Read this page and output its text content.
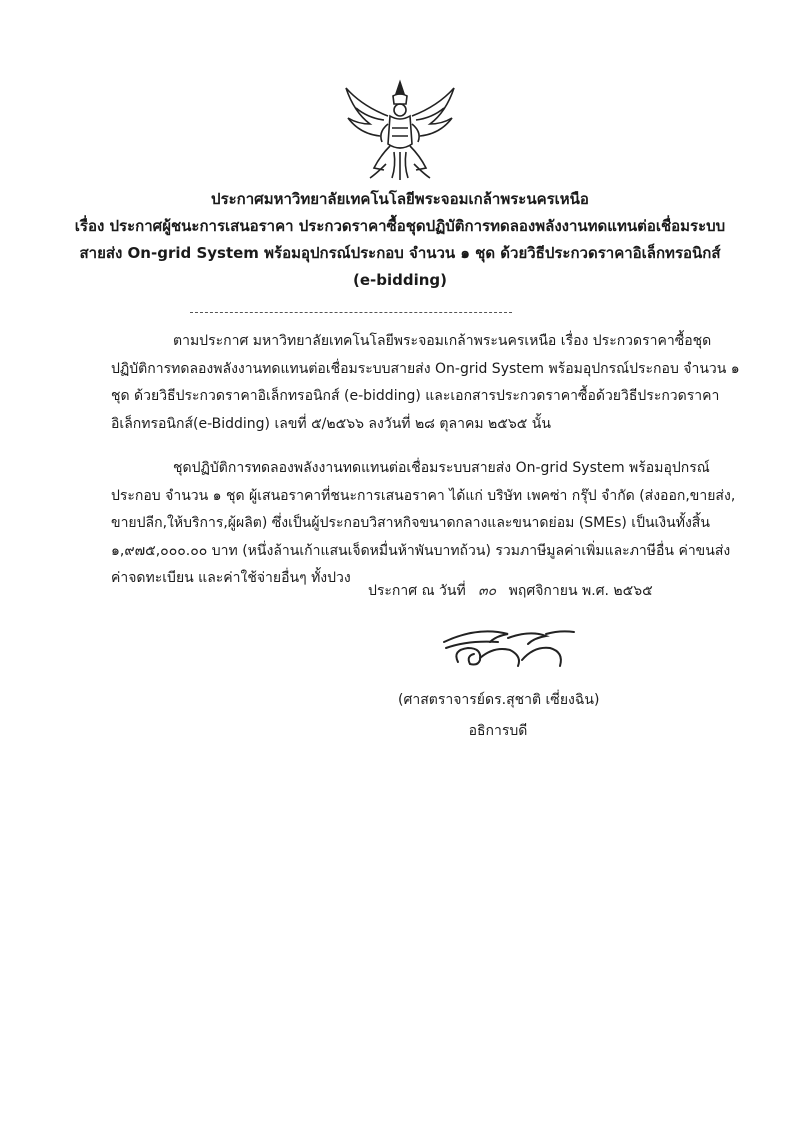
ประกาศมหาวิทยาลัยเทคโนโลยีพระจอมเกล้าพระนครเหนือ
เรื่อง ประกาศผู้ชนะการเสนอราคา ประกวดราคาซื้อชุดปฏิบัติการทดลองพลังงานทดแทนต่อเชื่อมระบบ
สายส่ง On-grid System พร้อมอุปกรณ์ประกอบ จำนวน ๑ ชุด ด้วยวิธีประกวดราคาอิเล็กทรอนิกส์
(e-bidding)
ตามประกาศ มหาวิทยาลัยเทคโนโลยีพระจอมเกล้าพระนครเหนือ เรื่อง ประกวดราคาซื้อชุด
ปฏิบัติการทดลองพลังงานทดแทนต่อเชื่อมระบบสายส่ง On-grid System พร้อมอุปกรณ์ประกอบ จำนวน ๑
ชุด ด้วยวิธีประกวดราคาอิเล็กทรอนิกส์ (e-bidding) และเอกสารประกวดราคาซื้อด้วยวิธีประกวดราคา
อิเล็กทรอนิกส์(e-Bidding) เลขที่ ๕/๒๕๖๖ ลงวันที่ ๒๘ ตุลาคม ๒๕๖๕ นั้น
ชุดปฏิบัติการทดลองพลังงานทดแทนต่อเชื่อมระบบสายส่ง On-grid System พร้อมอุปกรณ์
ประกอบ จำนวน ๑ ชุด ผู้เสนอราคาที่ชนะการเสนอราคา ได้แก่ บริษัท เพคซ่า กรุ๊ป จำกัด (ส่งออก,ขายส่ง,
ขายปลีก,ให้บริการ,ผู้ผลิต) ซึ่งเป็นผู้ประกอบวิสาหกิจขนาดกลางและขนาดย่อม (SMEs) เป็นเงินทั้งสิ้น
๑,๙๗๕,๐๐๐.๐๐ บาท (หนึ่งล้านเก้าแสนเจ็ดหมื่นห้าพันบาทถ้วน) รวมภาษีมูลค่าเพิ่มและภาษีอื่น ค่าขนส่ง
ค่าจดทะเบียน และค่าใช้จ่ายอื่นๆ ทั้งปวง
ประกาศ ณ วันที่ ๓๐ พฤศจิกายน พ.ศ. ๒๕๖๕
(ศาสตราจารย์ดร.สุชาติ เซี่ยงฉิน)
อธิการบดี
